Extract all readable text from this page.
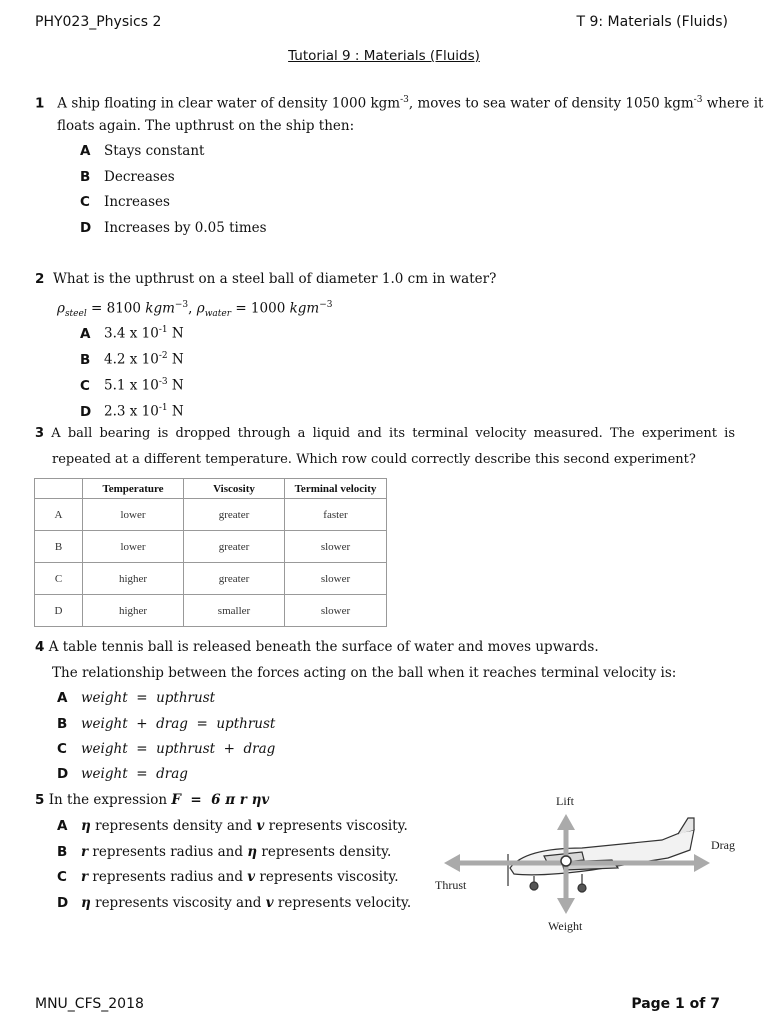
PHY023_Physics 2	T 9: Materials (Fluids)
Tutorial 9 : Materials (Fluids)
1 A ship floating in clear water of density 1000 kgm$^{-3}$, moves to sea water of density 1050 kgm$^{-3}$ where it
floats again. The upthrust on the ship then:
A Stays constant
B Decreases
C Increases
D Increases by 0.05 times
2 What is the upthrust on a steel ball of diameter 1.0 cm in water?
$\rho_{steel} = 8100$ kgm$^{-3}$, $\rho_{water} = 1000$ kgm$^{-3}$
A 3.4 x $10^{-1}$ N
B 4.2 x $10^{-2}$ N
C 5.1 x $10^{-3}$ N
D 2.3 x $10^{-1}$ N
3 A ball bearing is dropped through a liquid and its terminal velocity measured. The experiment is
repeated at a different temperature. Which row could correctly describe this second experiment?
	Temperature	Viscosity	Terminal velocity
A	lower	greater	faster
B	lower	greater	slower
C	higher	greater	slower
D	higher	smaller	slower
4 A table tennis ball is released beneath the surface of water and moves upwards.
The relationship between the forces acting on the ball when it reaches terminal velocity is:
A weight  =  upthrust
B weight  +  drag  =  upthrust
C weight  =  upthrust  +  drag
D weight  =  drag
5 In the expression F  =  6 π r ηv
A η represents density and v represents viscosity.
B r represents radius and η represents density.
C r represents radius and v represents viscosity.
D η represents viscosity and v represents velocity.
Lift
Drag
Thrust
Weight
MNU_CFS_2018	Page 1 of 7
